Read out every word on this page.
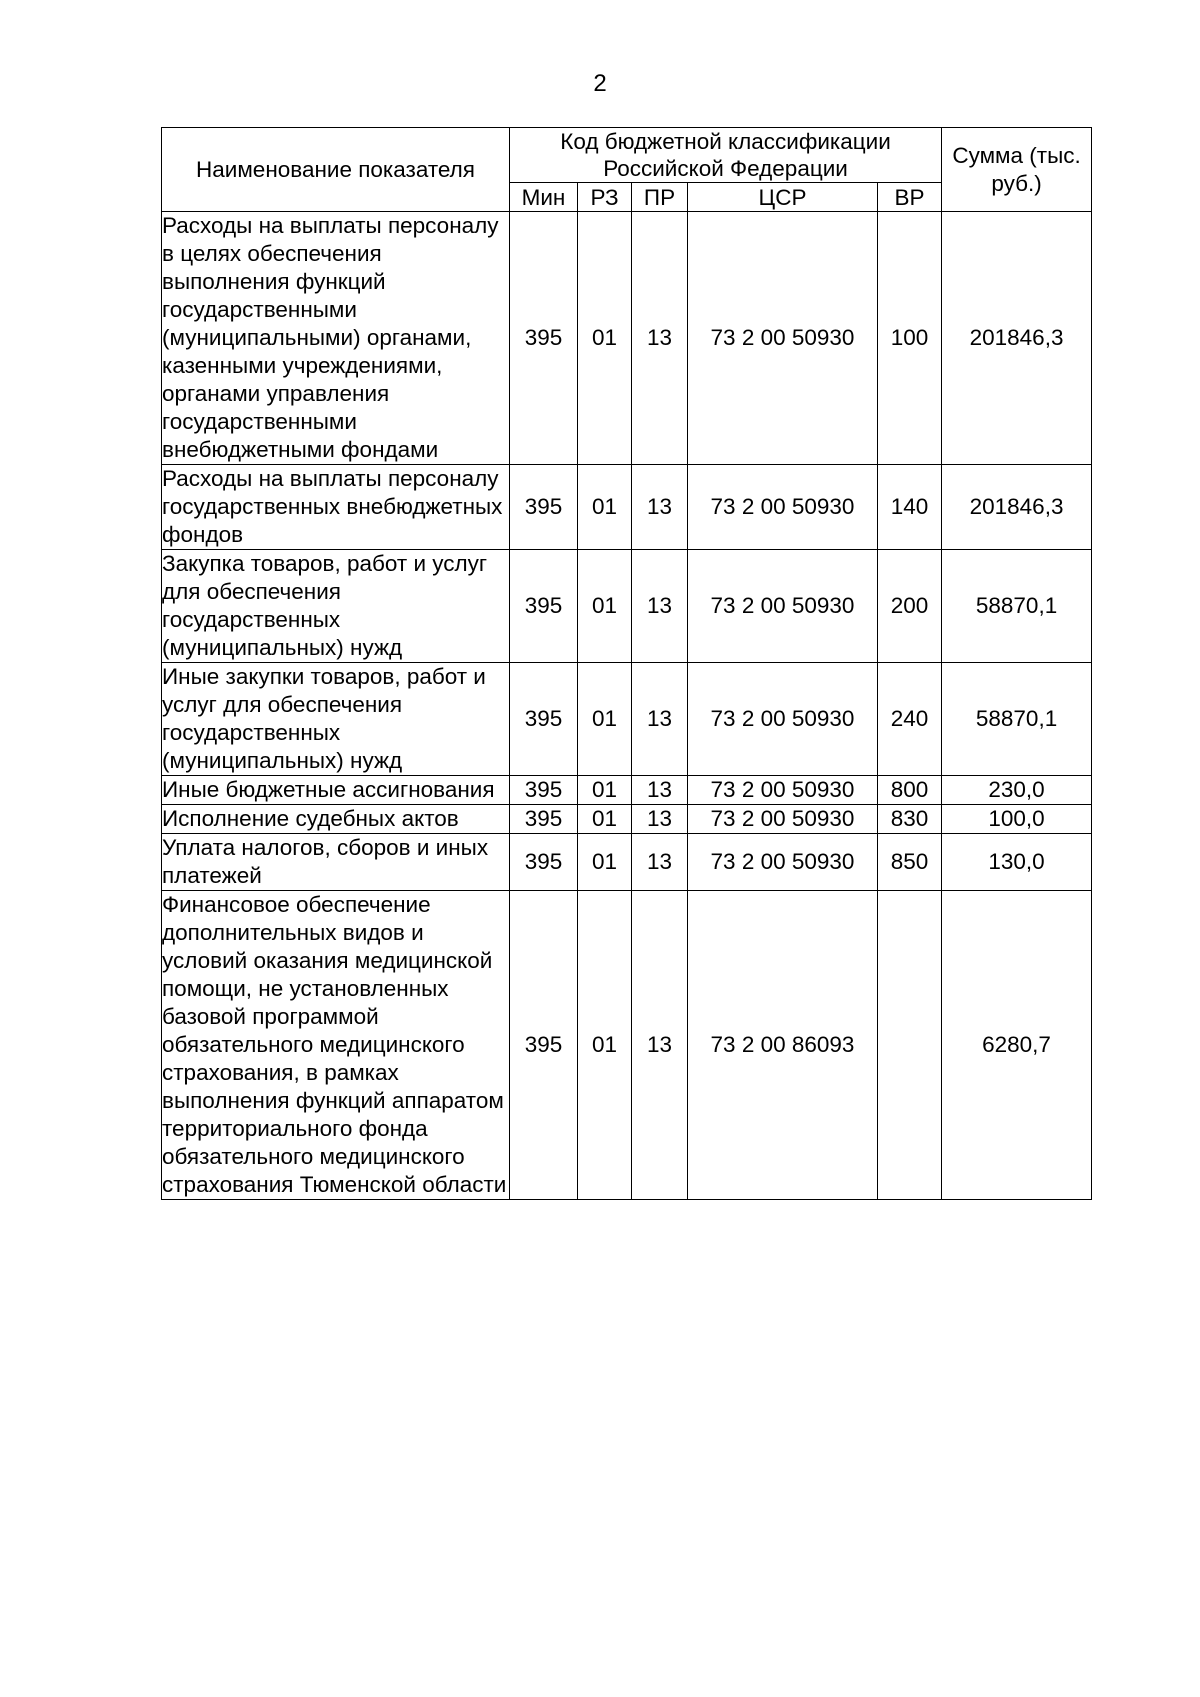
2
Наименование показателя	Код бюджетной классификации Российской Федерации					Сумма (тыс. руб.)
	Мин	РЗ	ПР	ЦСР	ВР	
Расходы на выплаты персоналу в целях обеспечения выполнения функций государственными (муниципальными) органами, казенными учреждениями, органами управления государственными внебюджетными фондами	395	01	13	73 2 00 50930	100	201846,3
Расходы на выплаты персоналу государственных внебюджетных фондов	395	01	13	73 2 00 50930	140	201846,3
Закупка товаров, работ и услуг для обеспечения государственных (муниципальных) нужд	395	01	13	73 2 00 50930	200	58870,1
Иные закупки товаров, работ и услуг для обеспечения государственных (муниципальных) нужд	395	01	13	73 2 00 50930	240	58870,1
Иные бюджетные ассигнования	395	01	13	73 2 00 50930	800	230,0
Исполнение судебных актов	395	01	13	73 2 00 50930	830	100,0
Уплата налогов, сборов и иных платежей	395	01	13	73 2 00 50930	850	130,0
Финансовое обеспечение дополнительных видов и условий оказания медицинской помощи, не установленных базовой программой обязательного медицинского страхования, в рамках выполнения функций аппаратом территориального фонда обязательного медицинского страхования Тюменской области	395	01	13	73 2 00 86093		6280,7
